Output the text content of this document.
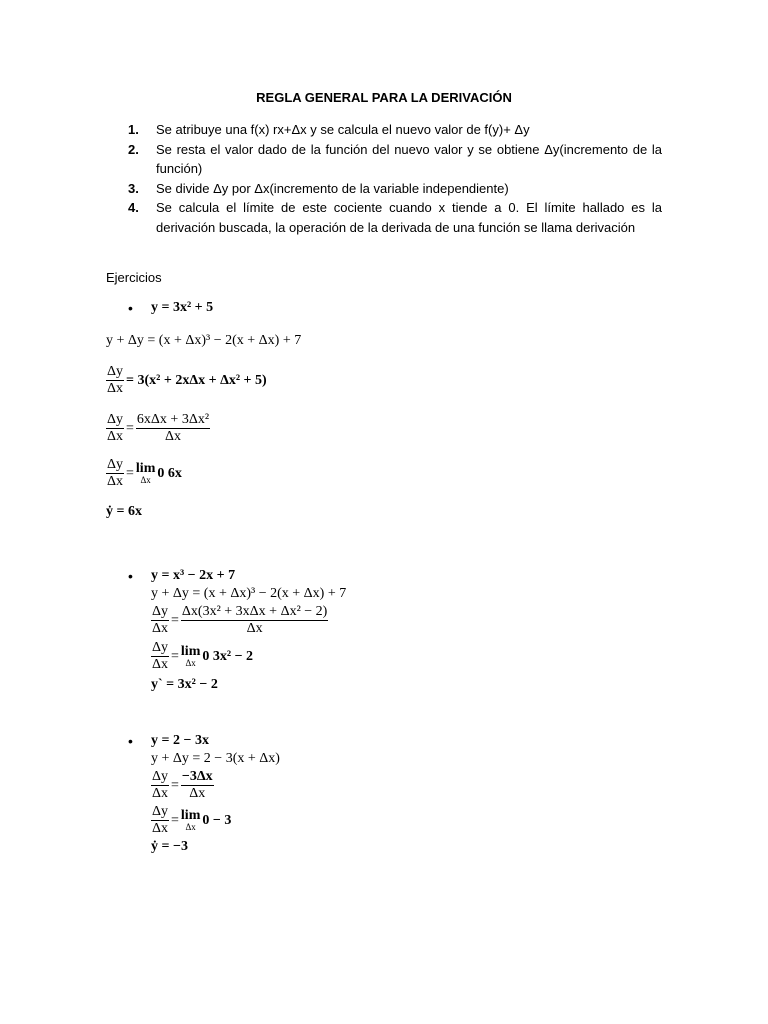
REGLA GENERAL PARA LA DERIVACIÓN
1. Se atribuye una f(x) rx+Δx y se calcula el nuevo valor de f(y)+ Δy
2. Se resta el valor dado de la función del nuevo valor y se obtiene Δy(incremento de la función)
3. Se divide Δy por Δx(incremento de la variable independiente)
4. Se calcula el límite de este cociente cuando x tiende a 0. El límite hallado es la derivación buscada, la operación de la derivada de una función se llama derivación
Ejercicios
• y = 3x² + 5
y + Δy = (x + Δx)³ − 2(x + Δx) + 7
$\frac{\Delta y}{\Delta x} = 3(x^2 + 2x\Delta x + \Delta x^2 + 5)$
$\frac{\Delta y}{\Delta x} = \frac{\text{6xΔx + 3Δx²}}{\Delta x}$
$\frac{\Delta y}{\Delta x} = \lim$
Δx 0 6x
ẏ = 6x
• y = x³ − 2x + 7
y + Δy = (x + Δx)³ − 2(x + Δx) + 7
$\frac{\Delta y}{\Delta x} = \frac{\text{Δx(3x² + 3xΔx + Δx² − 2)}}{\Delta x}$
$\frac{\Delta y}{\Delta x} = \lim$
Δx 0 3x² − 2
y` = 3x² − 2
• y = 2 − 3x
y + Δy = 2 − 3(x + Δx)
$\frac{\Delta y}{\Delta x} = \frac{-3\Delta x}{\Delta x}$
$\frac{\Delta y}{\Delta x} = \lim$
Δx 0 − 3
ẏ = −3
